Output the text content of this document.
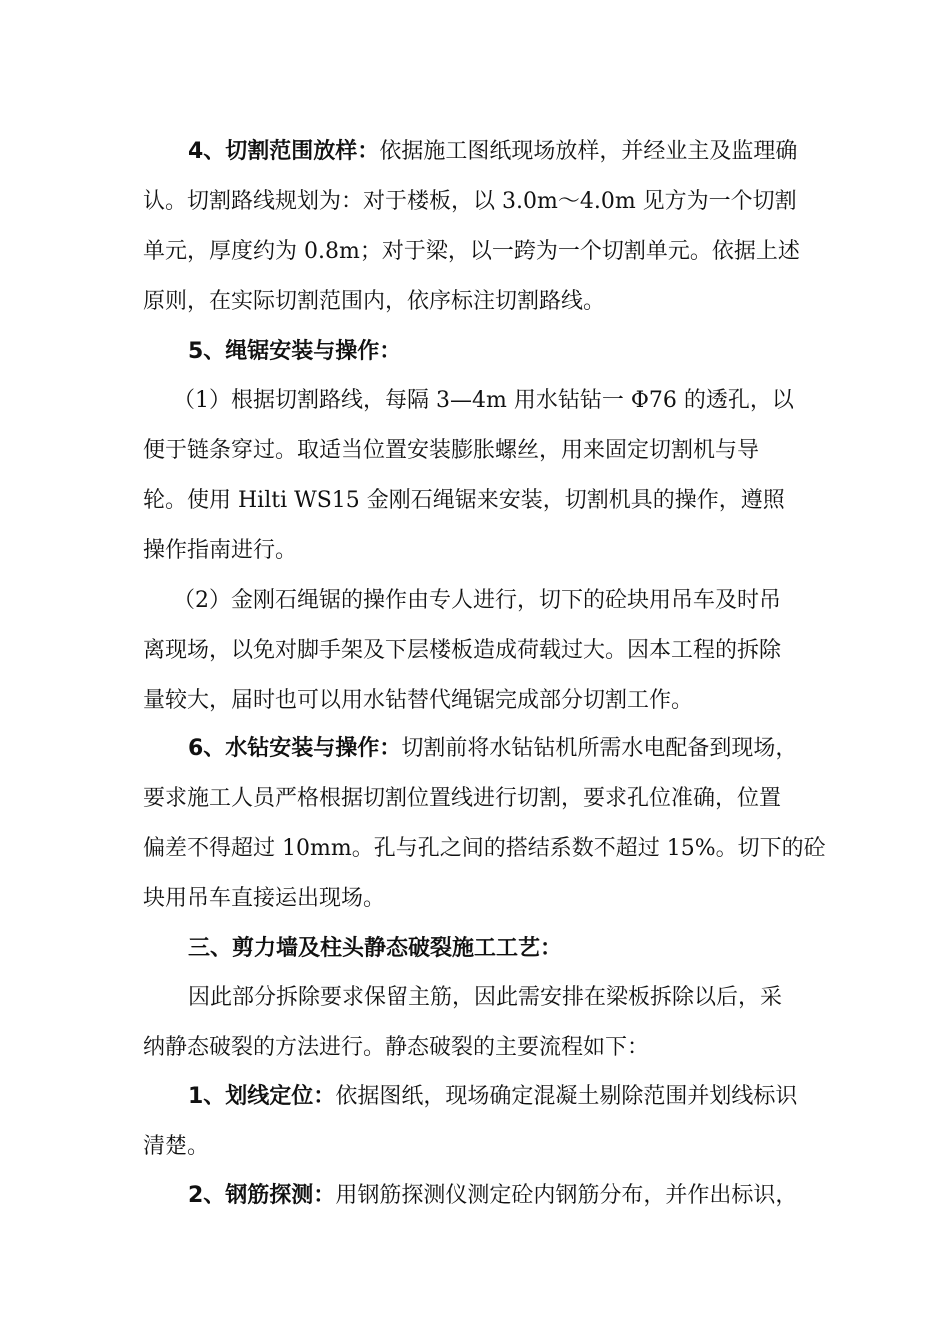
4、切割范围放样：依据施工图纸现场放样，并经业主及监理确
认。切割路线规划为：对于楼板，以 3.0m～4.0m 见方为一个切割
单元，厚度约为 0.8m；对于梁，以一跨为一个切割单元。依据上述
原则，在实际切割范围内，依序标注切割路线。
5、绳锯安装与操作：
（1）根据切割路线，每隔 3—4m 用水钻钻一 Φ76 的透孔，以
便于链条穿过。取适当位置安装膨胀螺丝，用来固定切割机与导
轮。使用 Hilti WS15 金刚石绳锯来安装，切割机具的操作，遵照
操作指南进行。
（2）金刚石绳锯的操作由专人进行，切下的砼块用吊车及时吊
离现场，以免对脚手架及下层楼板造成荷载过大。因本工程的拆除
量较大，届时也可以用水钻替代绳锯完成部分切割工作。
6、水钻安装与操作：切割前将水钻钻机所需水电配备到现场，
要求施工人员严格根据切割位置线进行切割，要求孔位准确，位置
偏差不得超过 10mm。孔与孔之间的搭结系数不超过 15%。切下的砼
块用吊车直接运出现场。
三、剪力墙及柱头静态破裂施工工艺：
因此部分拆除要求保留主筋，因此需安排在梁板拆除以后，采
纳静态破裂的方法进行。静态破裂的主要流程如下：
1、划线定位：依据图纸，现场确定混凝土剔除范围并划线标识
清楚。
2、钢筋探测：用钢筋探测仪测定砼内钢筋分布，并作出标识，
